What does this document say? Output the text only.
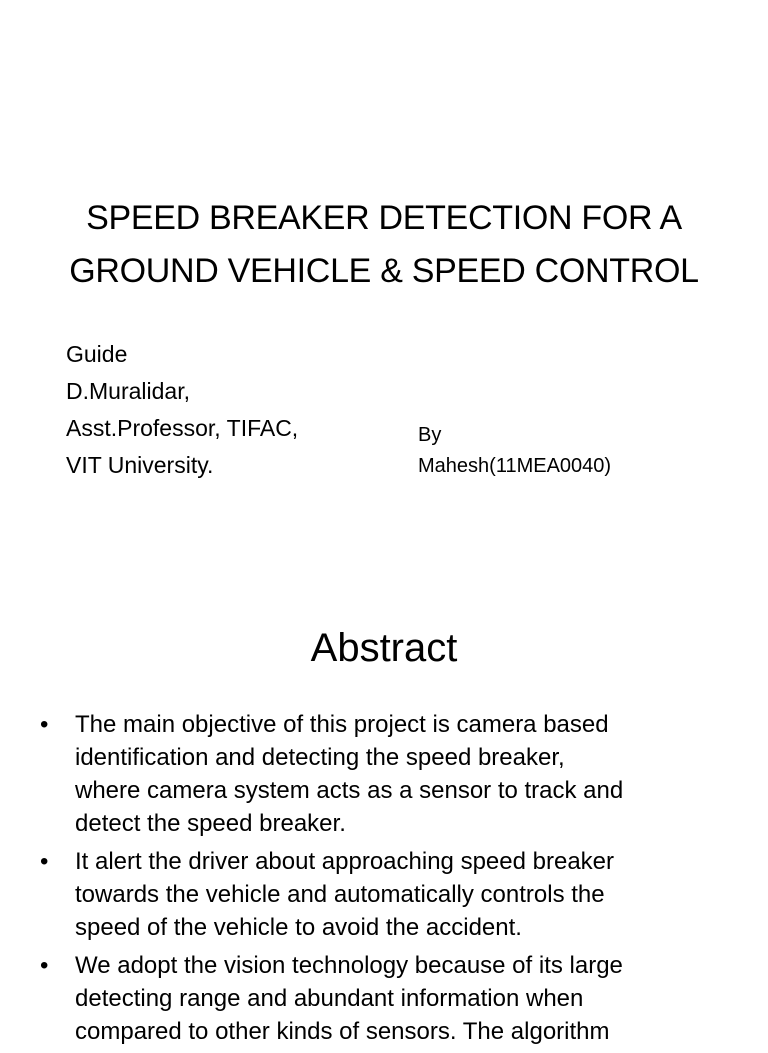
SPEED BREAKER DETECTION FOR A
GROUND VEHICLE & SPEED CONTROL
Guide
D.Muralidar,
Asst.Professor, TIFAC,
VIT University.
By
Mahesh(11MEA0040)
Abstract
•	The main objective of this project is camera based
identification and detecting the speed breaker,
where camera system acts as a sensor to track and
detect the speed breaker.
•	It alert the driver about approaching speed breaker
towards the vehicle and automatically controls the
speed of the vehicle to avoid the accident.
•	We adopt the vision technology because of its large
detecting range and abundant information when
compared to other kinds of sensors. The algorithm
